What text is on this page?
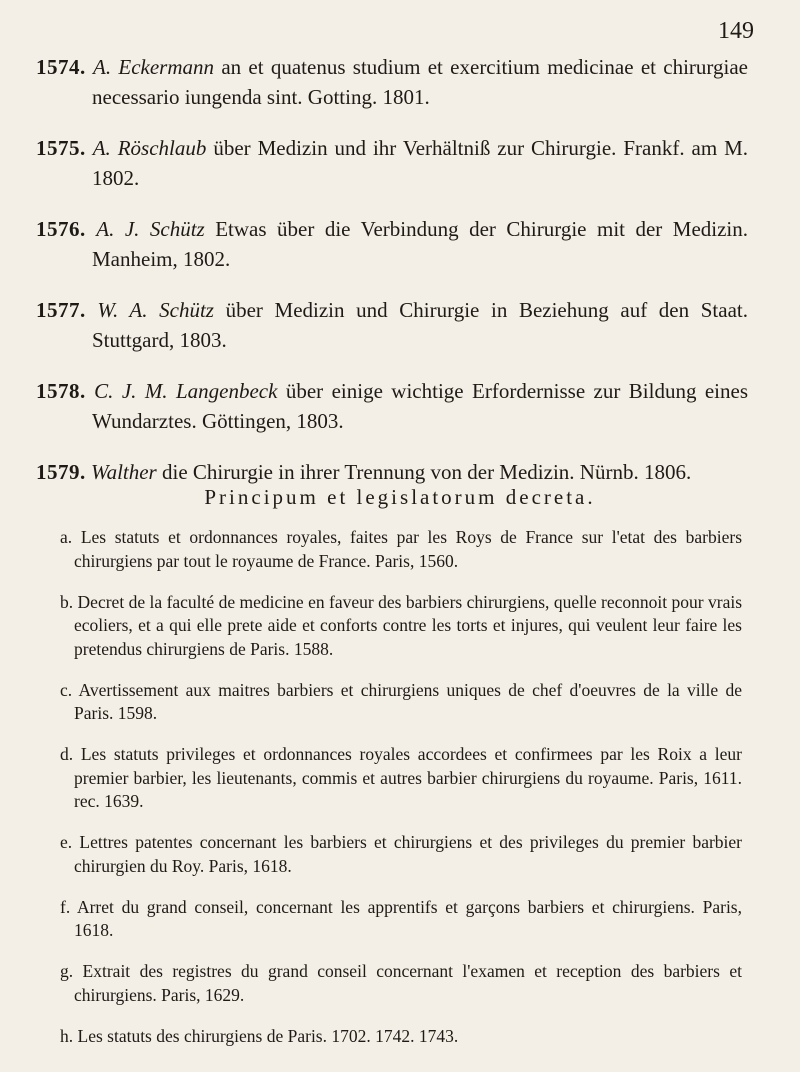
149

1574. A. Eckermann an et quatenus studium et exercitium medicinae et chirurgiae necessario iungenda sint. Gotting. 1801.

1575. A. Röschlaub über Medizin und ihr Verhältniß zur Chirurgie. Frankf. am M. 1802.

1576. A. J. Schütz Etwas über die Verbindung der Chirurgie mit der Medizin. Manheim, 1802.

1577. W. A. Schütz über Medizin und Chirurgie in Beziehung auf den Staat. Stuttgard, 1803.

1578. C. J. M. Langenbeck über einige wichtige Erfordernisse zur Bildung eines Wundarztes. Göttingen, 1803.

1579. Walther die Chirurgie in ihrer Trennung von der Medizin. Nürnb. 1806.

Principum et legislatorum decreta.

a. Les statuts et ordonnances royales, faites par les Roys de France sur l'etat des barbiers chirurgiens par tout le royaume de France. Paris, 1560.

b. Decret de la faculté de medicine en faveur des barbiers chirurgiens, quelle reconnoit pour vrais ecoliers, et a qui elle prete aide et conforts contre les torts et injures, qui veulent leur faire les pretendus chirurgiens de Paris. 1588.

c. Avertissement aux maitres barbiers et chirurgiens uniques de chef d'oeuvres de la ville de Paris. 1598.

d. Les statuts privileges et ordonnances royales accordees et confirmees par les Roix a leur premier barbier, les lieutenants, commis et autres barbier chirurgiens du royaume. Paris, 1611. rec. 1639.

e. Lettres patentes concernant les barbiers et chirurgiens et des privileges du premier barbier chirurgien du Roy. Paris, 1618.

f. Arret du grand conseil, concernant les apprentifs et garçons barbiers et chirurgiens. Paris, 1618.

g. Extrait des registres du grand conseil concernant l'examen et reception des barbiers et chirurgiens. Paris, 1629.

h. Les statuts des chirurgiens de Paris. 1702. 1742. 1743.
